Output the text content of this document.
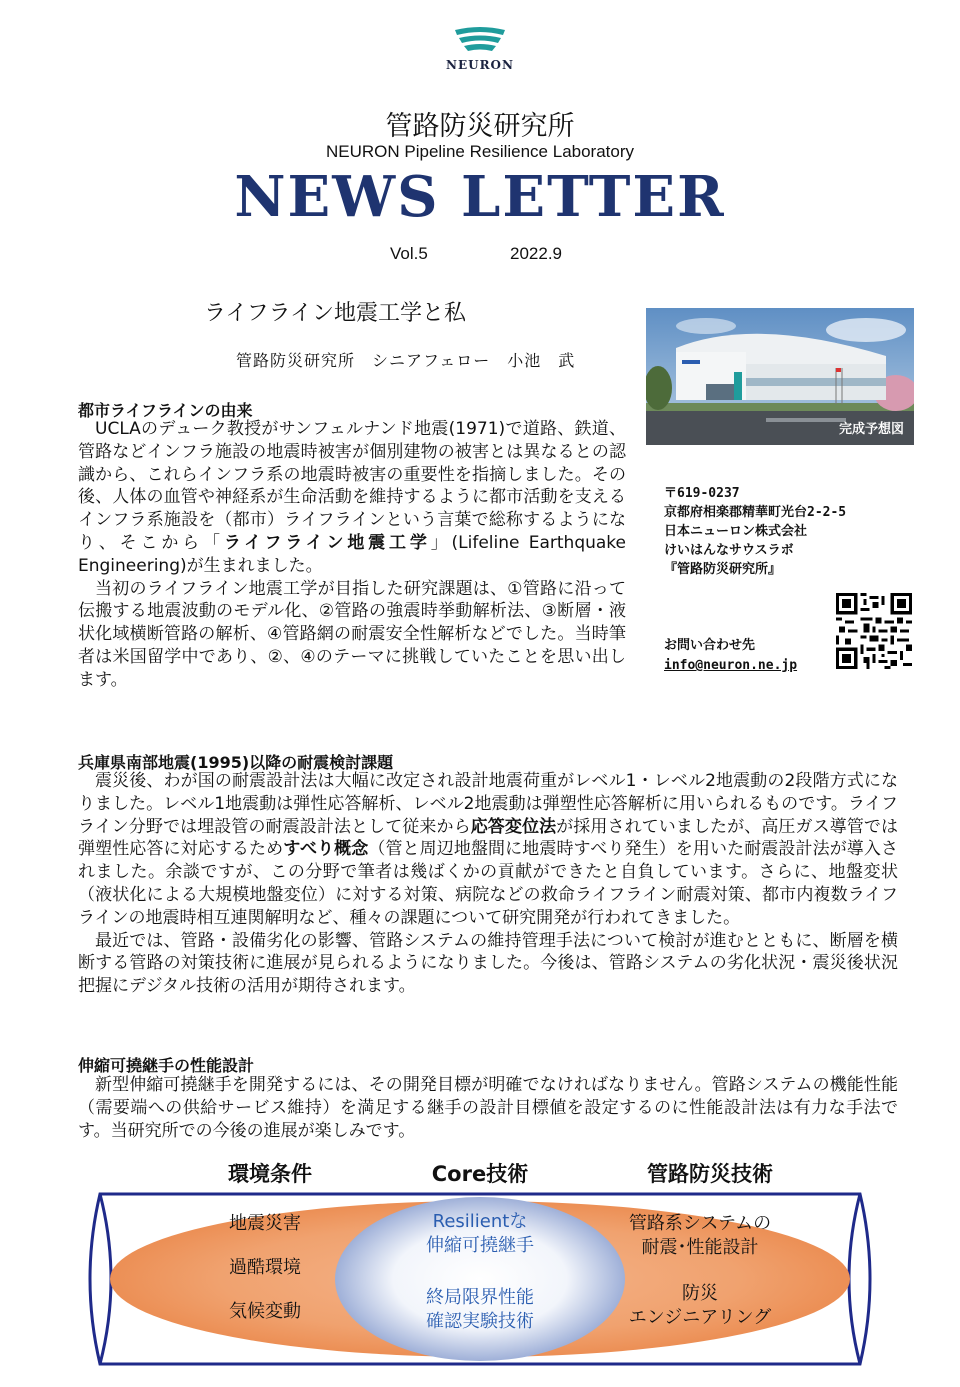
NEURON
管路防災研究所
NEURON Pipeline Resilience Laboratory
NEWS LETTER
Vol.5	2022.9
ライフライン地震工学と私
管路防災研究所　シニアフェロー　小池　武
完成予想図
〒619-0237
京都府相楽郡精華町光台2-2-5
日本ニューロン株式会社
けいはんなサウスラボ
『管路防災研究所』
お問い合わせ先
info@neuron.ne.jp
都市ライフラインの由来
UCLAのデューク教授がサンフェルナンド地震(1971)で道路、鉄道、管路などインフラ施設の地震時被害が個別建物の被害とは異なるとの認識から、これらインフラ系の地震時被害の重要性を指摘しました。その後、人体の血管や神経系が生命活動を維持するように都市活動を支えるインフラ系施設を（都市）ライフラインという言葉で総称するようになり、そこから「ライフライン地震工学」(Lifeline Earthquake Engineering)が生まれました。
当初のライフライン地震工学が目指した研究課題は、①管路に沿って伝搬する地震波動のモデル化、②管路の強震時挙動解析法、③断層・液状化域横断管路の解析、④管路網の耐震安全性解析などでした。当時筆者は米国留学中であり、②、④のテーマに挑戦していたことを思い出します。
兵庫県南部地震(1995)以降の耐震検討課題
震災後、わが国の耐震設計法は大幅に改定され設計地震荷重がレベル1・レベル2地震動の2段階方式になりました。レベル1地震動は弾性応答解析、レベル2地震動は弾塑性応答解析に用いられるものです。ライフライン分野では埋設管の耐震設計法として従来から応答変位法が採用されていましたが、高圧ガス導管では弾塑性応答に対応するためすべり概念（管と周辺地盤間に地震時すべり発生）を用いた耐震設計法が導入されました。余談ですが、この分野で筆者は幾ばくかの貢献ができたと自負しています。さらに、地盤変状（液状化による大規模地盤変位）に対する対策、病院などの救命ライフライン耐震対策、都市内複数ライフラインの地震時相互連関解明など、種々の課題について研究開発が行われてきました。
最近では、管路・設備劣化の影響、管路システムの維持管理手法について検討が進むとともに、断層を横断する管路の対策技術に進展が見られるようになりました。今後は、管路システムの劣化状況・震災後状況把握にデジタル技術の活用が期待されます。
伸縮可撓継手の性能設計
新型伸縮可撓継手を開発するには、その開発目標が明確でなければなりません。管路システムの機能性能（需要端への供給サービス維持）を満足する継手の設計目標値を設定するのに性能設計法は有力な手法です。当研究所での今後の進展が楽しみです。
環境条件	Core技術	管路防災技術
地震災害
過酷環境
気候変動
Resilientな
伸縮可撓継手
終局限界性能
確認実験技術
管路系システムの
耐震･性能設計
防災
エンジニアリング
